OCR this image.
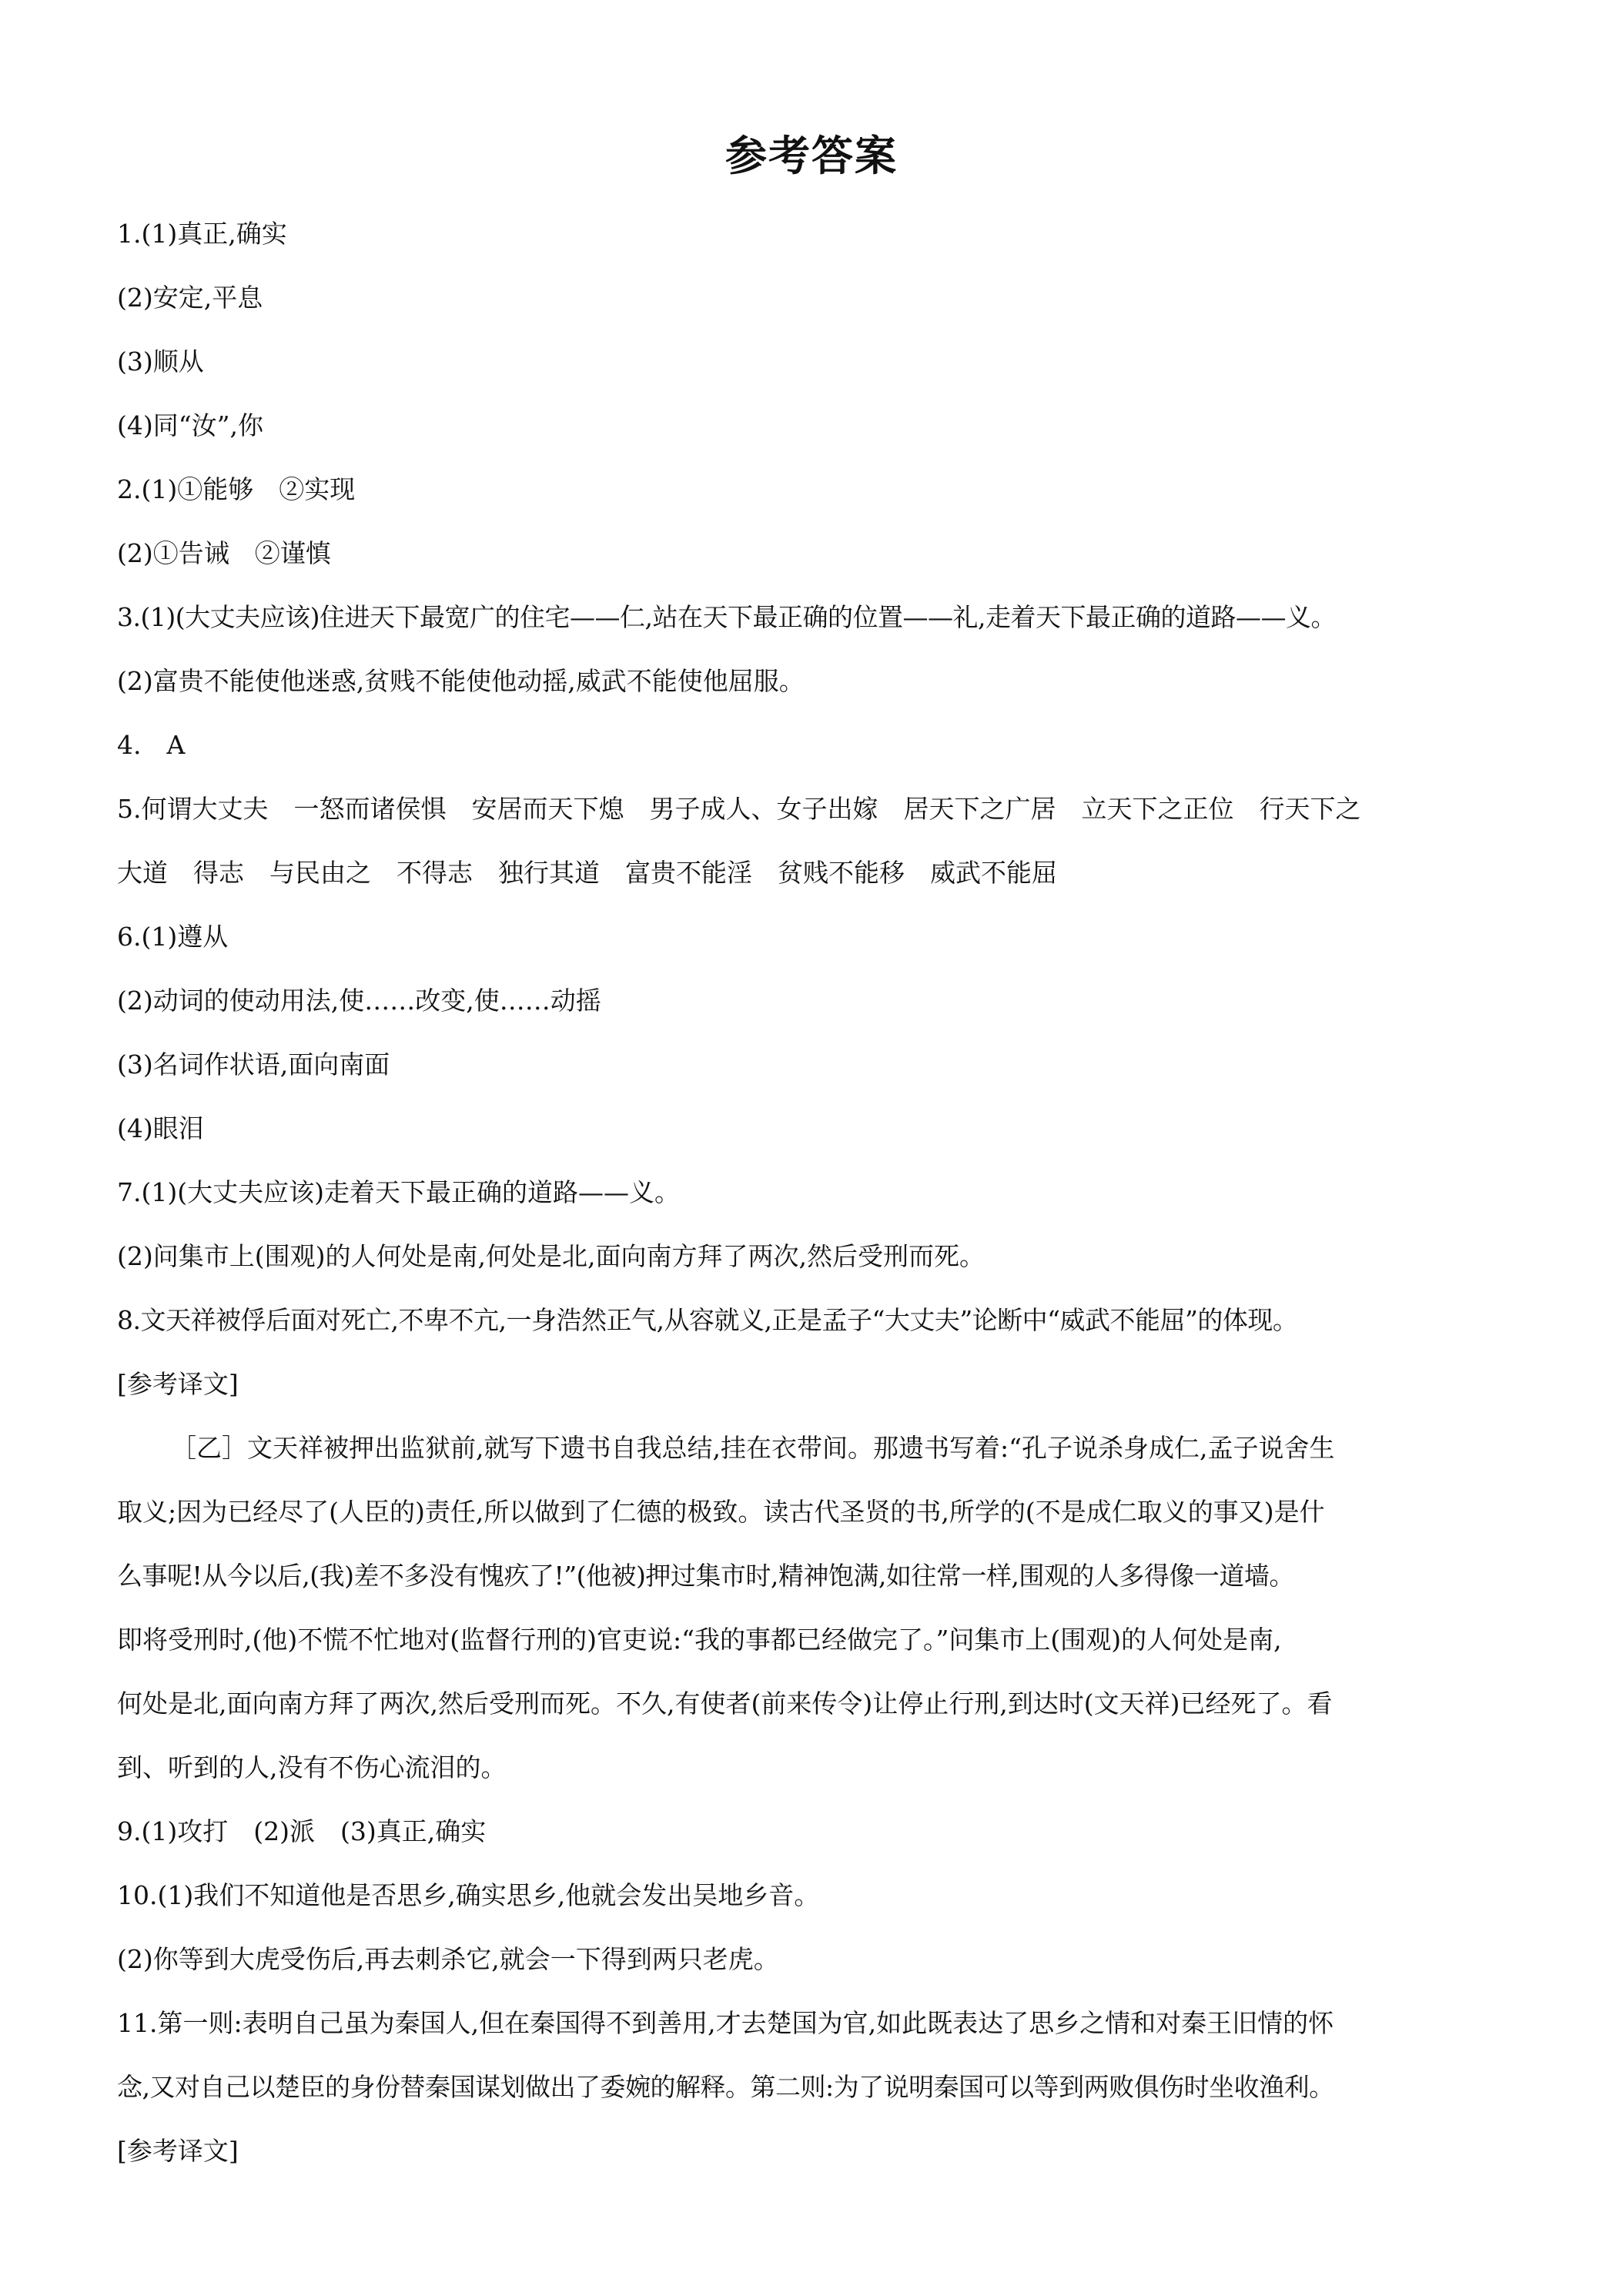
参考答案
1.(1)真正,确实
(2)安定,平息
(3)顺从
(4)同“汝”,你
2.(1)①能够　②实现
(2)①告诫　②谨慎
3.(1)(大丈夫应该)住进天下最宽广的住宅——仁,站在天下最正确的位置——礼,走着天下最正确的道路——义。
(2)富贵不能使他迷惑,贫贱不能使他动摇,威武不能使他屈服。
4.　A
5.何谓大丈夫　一怒而诸侯惧　安居而天下熄　男子成人、女子出嫁　居天下之广居　立天下之正位　行天下之
大道　得志　与民由之　不得志　独行其道　富贵不能淫　贫贱不能移　威武不能屈
6.(1)遵从
(2)动词的使动用法,使……改变,使……动摇
(3)名词作状语,面向南面
(4)眼泪
7.(1)(大丈夫应该)走着天下最正确的道路——义。
(2)问集市上(围观)的人何处是南,何处是北,面向南方拜了两次,然后受刑而死。
8.文天祥被俘后面对死亡,不卑不亢,一身浩然正气,从容就义,正是孟子“大丈夫”论断中“威武不能屈”的体现。
[参考译文]
［乙］文天祥被押出监狱前,就写下遗书自我总结,挂在衣带间。那遗书写着:“孔子说杀身成仁,孟子说舍生
取义;因为已经尽了(人臣的)责任,所以做到了仁德的极致。读古代圣贤的书,所学的(不是成仁取义的事又)是什
么事呢!从今以后,(我)差不多没有愧疚了!”(他被)押过集市时,精神饱满,如往常一样,围观的人多得像一道墙。
即将受刑时,(他)不慌不忙地对(监督行刑的)官吏说:“我的事都已经做完了。”问集市上(围观)的人何处是南,
何处是北,面向南方拜了两次,然后受刑而死。不久,有使者(前来传令)让停止行刑,到达时(文天祥)已经死了。看
到、听到的人,没有不伤心流泪的。
9.(1)攻打　(2)派　(3)真正,确实
10.(1)我们不知道他是否思乡,确实思乡,他就会发出吴地乡音。
(2)你等到大虎受伤后,再去刺杀它,就会一下得到两只老虎。
11.第一则:表明自己虽为秦国人,但在秦国得不到善用,才去楚国为官,如此既表达了思乡之情和对秦王旧情的怀
念,又对自己以楚臣的身份替秦国谋划做出了委婉的解释。第二则:为了说明秦国可以等到两败俱伤时坐收渔利。
[参考译文]
